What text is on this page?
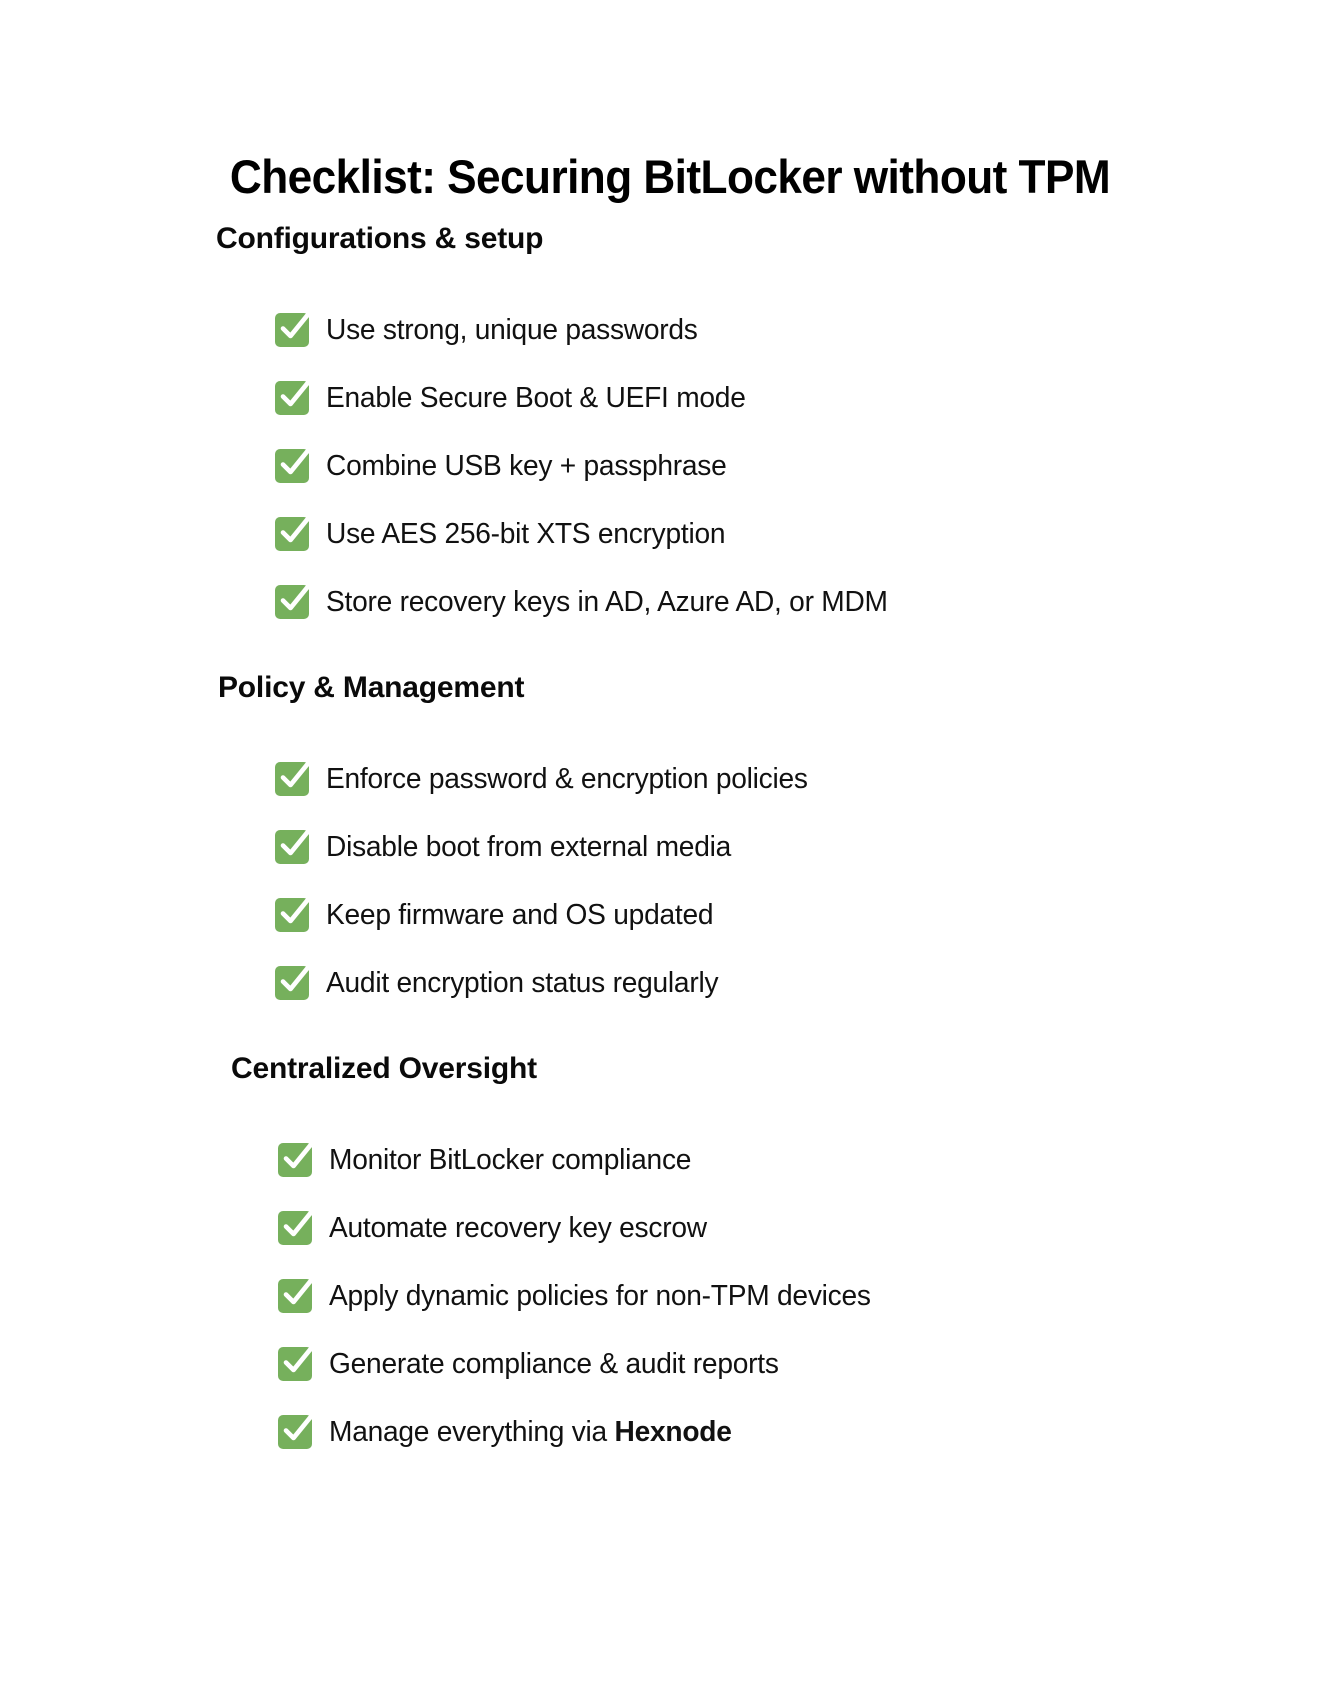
Checklist: Securing BitLocker without TPM
Configurations & setup
Use strong, unique passwords
Enable Secure Boot & UEFI mode
Combine USB key + passphrase
Use AES 256-bit XTS encryption
Store recovery keys in AD, Azure AD, or MDM
Policy & Management
Enforce password & encryption policies
Disable boot from external media
Keep firmware and OS updated
Audit encryption status regularly
Centralized Oversight
Monitor BitLocker compliance
Automate recovery key escrow
Apply dynamic policies for non-TPM devices
Generate compliance & audit reports
Manage everything via Hexnode
